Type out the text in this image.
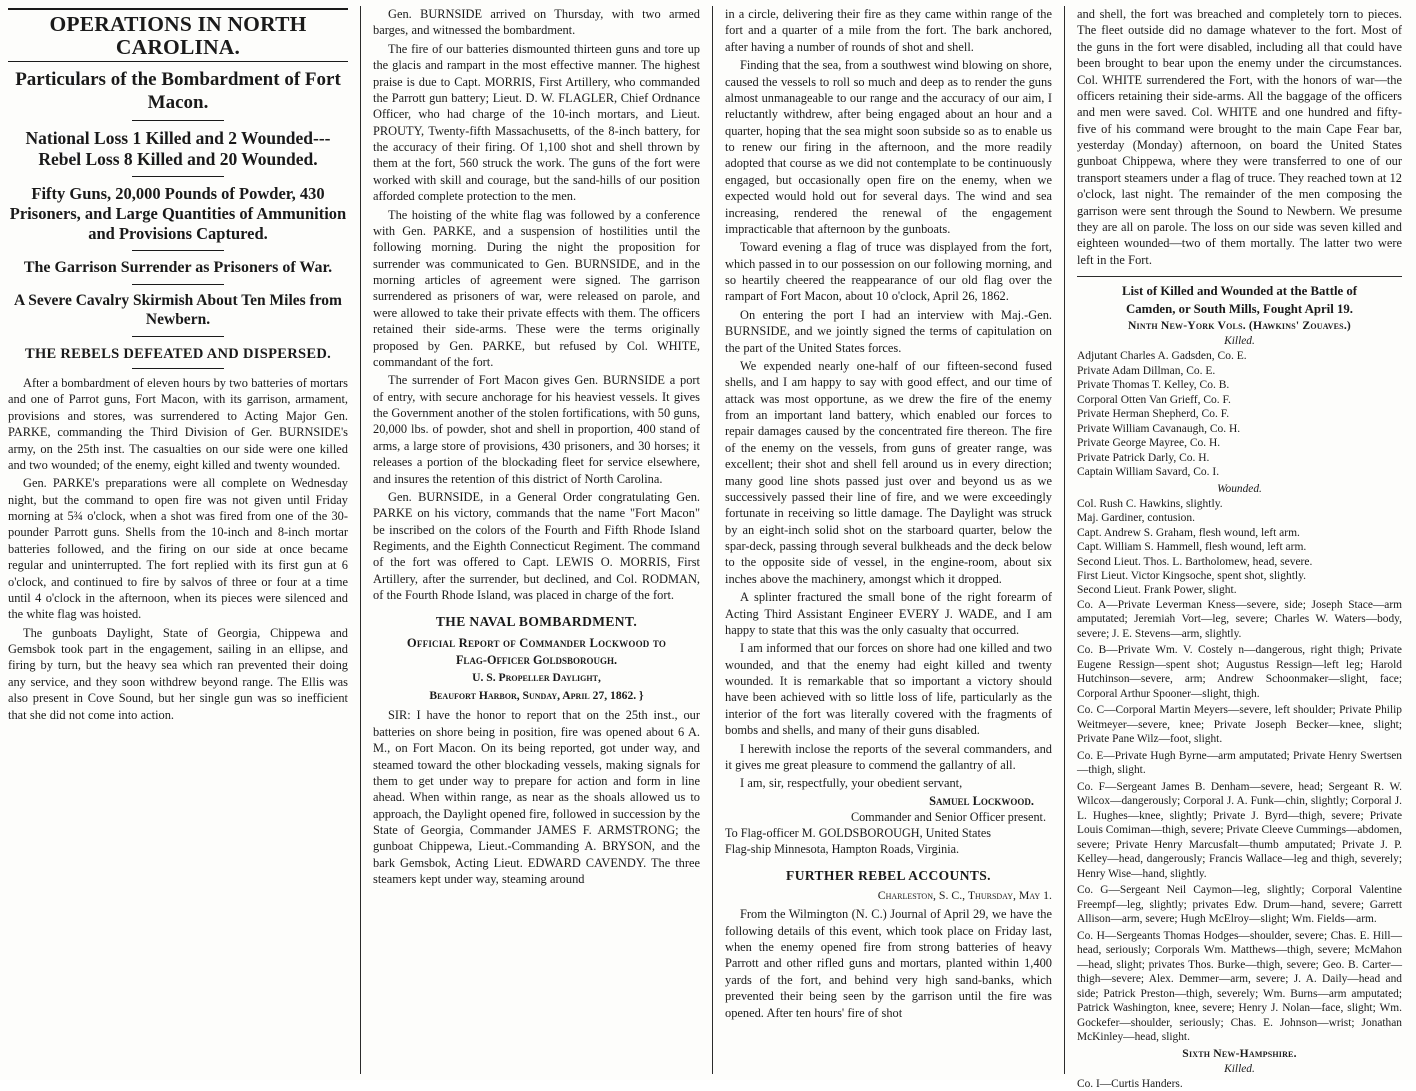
OPERATIONS IN NORTH CAROLINA.
Particulars of the Bombardment of Fort Macon.
National Loss 1 Killed and 2 Wounded---Rebel Loss 8 Killed and 20 Wounded.
Fifty Guns, 20,000 Pounds of Powder, 430 Prisoners, and Large Quantities of Ammunition and Provisions Captured.
The Garrison Surrender as Prisoners of War.
A Severe Cavalry Skirmish About Ten Miles from Newbern.
THE REBELS DEFEATED AND DISPERSED.

After a bombardment of eleven hours by two batteries of mortars and one of Parrot guns, Fort Macon, with its garrison, armament, provisions and stores, was surrendered to Acting Major Gen. PARKE, commanding the Third Division of Ger. BURNSIDE's army, on the 25th inst. The casualties on our side were one killed and two wounded; of the enemy, eight killed and twenty wounded.

Gen. PARKE's preparations were all complete on Wednesday night, but the command to open fire was not given until Friday morning at 5¾ o'clock, when a shot was fired from one of the 30-pounder Parrott guns. Shells from the 10-inch and 8-inch mortar batteries followed, and the firing on our side at once became regular and uninterrupted. The fort replied with its first gun at 6 o'clock, and continued to fire by salvos of three or four at a time until 4 o'clock in the afternoon, when its pieces were silenced and the white flag was hoisted.

The gunboats Daylight, State of Georgia, Chippewa and Gemsbok took part in the engagement, sailing in an ellipse, and firing by turn, but the heavy sea which ran prevented their doing any service, and they soon withdrew beyond range. The Ellis was also present in Cove Sound, but her single gun was so inefficient that she did not come into action.

Gen. BURNSIDE arrived on Thursday, with two armed barges, and witnessed the bombardment.

The fire of our batteries dismounted thirteen guns and tore up the glacis and rampart in the most effective manner. The highest praise is due to Capt. MORRIS, First Artillery, who commanded the Parrott gun battery; Lieut. D. W. FLAGLER, Chief Ordnance Officer, who had charge of the 10-inch mortars, and Lieut. PROUTY, Twenty-fifth Massachusetts, of the 8-inch battery, for the accuracy of their firing. Of 1,100 shot and shell thrown by them at the fort, 560 struck the work. The guns of the fort were worked with skill and courage, but the sand-hills of our position afforded complete protection to the men.

The hoisting of the white flag was followed by a conference with Gen. PARKE, and a suspension of hostilities until the following morning. During the night the proposition for surrender was communicated to Gen. BURNSIDE, and in the morning articles of agreement were signed. The garrison surrendered as prisoners of war, were released on parole, and were allowed to take their private effects with them. The officers retained their side-arms. These were the terms originally proposed by Gen. PARKE, but refused by Col. WHITE, commandant of the fort.

The surrender of Fort Macon gives Gen. BURNSIDE a port of entry, with secure anchorage for his heaviest vessels. It gives the Government another of the stolen fortifications, with 50 guns, 20,000 lbs. of powder, shot and shell in proportion, 400 stand of arms, a large store of provisions, 430 prisoners, and 30 horses; it releases a portion of the blockading fleet for service elsewhere, and insures the retention of this district of North Carolina.

Gen. BURNSIDE, in a General Order congratulating Gen. PARKE on his victory, commands that the name "Fort Macon" be inscribed on the colors of the Fourth and Fifth Rhode Island Regiments, and the Eighth Connecticut Regiment. The command of the fort was offered to Capt. LEWIS O. MORRIS, First Artillery, after the surrender, but declined, and Col. RODMAN, of the Fourth Rhode Island, was placed in charge of the fort.

THE NAVAL BOMBARDMENT.
Official Report of Commander Lockwood to
Flag-Officer Goldsborough.
U. S. Propeller Daylight,
Beaufort Harbor, Sunday, April 27, 1862. }

SIR: I have the honor to report that on the 25th inst., our batteries on shore being in position, fire was opened about 6 A. M., on Fort Macon. On its being reported, got under way, and steamed toward the other blockading vessels, making signals for them to get under way to prepare for action and form in line ahead. When within range, as near as the shoals allowed us to approach, the Daylight opened fire, followed in succession by the State of Georgia, Commander JAMES F. ARMSTRONG; the gunboat Chippewa, Lieut.-Commanding A. BRYSON, and the bark Gemsbok, Acting Lieut. EDWARD CAVENDY. The three steamers kept under way, steaming around

in a circle, delivering their fire as they came within range of the fort and a quarter of a mile from the fort. The bark anchored, after having a number of rounds of shot and shell.

Finding that the sea, from a southwest wind blowing on shore, caused the vessels to roll so much and deep as to render the guns almost unmanageable to our range and the accuracy of our aim, I reluctantly withdrew, after being engaged about an hour and a quarter, hoping that the sea might soon subside so as to enable us to renew our firing in the afternoon, and the more readily adopted that course as we did not contemplate to be continuously engaged, but occasionally open fire on the enemy, when we expected would hold out for several days. The wind and sea increasing, rendered the renewal of the engagement impracticable that afternoon by the gunboats.

Toward evening a flag of truce was displayed from the fort, which passed in to our possession on our following morning, and so heartily cheered the reappearance of our old flag over the rampart of Fort Macon, about 10 o'clock, April 26, 1862.

On entering the port I had an interview with Maj.-Gen. BURNSIDE, and we jointly signed the terms of capitulation on the part of the United States forces.

We expended nearly one-half of our fifteen-second fused shells, and I am happy to say with good effect, and our time of attack was most opportune, as we drew the fire of the enemy from an important land battery, which enabled our forces to repair damages caused by the concentrated fire thereon. The fire of the enemy on the vessels, from guns of greater range, was excellent; their shot and shell fell around us in every direction; many good line shots passed just over and beyond us as we successively passed their line of fire, and we were exceedingly fortunate in receiving so little damage. The Daylight was struck by an eight-inch solid shot on the starboard quarter, below the spar-deck, passing through several bulkheads and the deck below to the opposite side of vessel, in the engine-room, about six inches above the machinery, amongst which it dropped.

A splinter fractured the small bone of the right forearm of Acting Third Assistant Engineer EVERY J. WADE, and I am happy to state that this was the only casualty that occurred.

I am informed that our forces on shore had one killed and two wounded, and that the enemy had eight killed and twenty wounded. It is remarkable that so important a victory should have been achieved with so little loss of life, particularly as the interior of the fort was literally covered with the fragments of bombs and shells, and many of their guns disabled.

I herewith inclose the reports of the several commanders, and it gives me great pleasure to commend the gallantry of all.

I am, sir, respectfully, your obedient servant,

Samuel Lockwood.
Commander and Senior Officer present.
To Flag-officer M. GOLDSBOROUGH, United States
Flag-ship Minnesota, Hampton Roads, Virginia.
FURTHER REBEL ACCOUNTS.
Charleston, S. C., Thursday, May 1.

From the Wilmington (N. C.) Journal of April 29, we have the following details of this event, which took place on Friday last, when the enemy opened fire from strong batteries of heavy Parrott and other rifled guns and mortars, planted within 1,400 yards of the fort, and behind very high sand-banks, which prevented their being seen by the garrison until the fire was opened. After ten hours' fire of shot

and shell, the fort was breached and completely torn to pieces. The fleet outside did no damage whatever to the fort. Most of the guns in the fort were disabled, including all that could have been brought to bear upon the enemy under the circumstances. Col. WHITE surrendered the Fort, with the honors of war—the officers retaining their side-arms. All the baggage of the officers and men were saved. Col. WHITE and one hundred and fifty-five of his command were brought to the main Cape Fear bar, yesterday (Monday) afternoon, on board the United States gunboat Chippewa, where they were transferred to one of our transport steamers under a flag of truce. They reached town at 12 o'clock, last night. The remainder of the men composing the garrison were sent through the Sound to Newbern. We presume they are all on parole. The loss on our side was seven killed and eighteen wounded—two of them mortally. The latter two were left in the Fort.

List of Killed and Wounded at the Battle of
Camden, or South Mills, Fought April 19.
Ninth New-York Vols. (Hawkins' Zouaves.)
Killed.
Adjutant Charles A. Gadsden, Co. E.
Private Adam Dillman, Co. E.
Private Thomas T. Kelley, Co. B.
Corporal Otten Van Grieff, Co. F.
Private Herman Shepherd, Co. F.
Private William Cavanaugh, Co. H.
Private George Mayree, Co. H.
Private Patrick Darly, Co. H.
Captain William Savard, Co. I.
Wounded.
Col. Rush C. Hawkins, slightly.
Maj. Gardiner, contusion.
Capt. Andrew S. Graham, flesh wound, left arm.
Capt. William S. Hammell, flesh wound, left arm.
Second Lieut. Thos. L. Bartholomew, head, severe.
First Lieut. Victor Kingsoche, spent shot, slightly.
Second Lieut. Frank Power, slight.

Co. A—Private Leverman Kness—severe, side; Joseph Stace—arm amputated; Jeremiah Vort—leg, severe; Charles W. Waters—body, severe; J. E. Stevens—arm, slightly.

Co. B—Private Wm. V. Costely n—dangerous, right thigh; Private Eugene Ressign—spent shot; Augustus Ressign—left leg; Harold Hutchinson—severe, arm; Andrew Schoonmaker—slight, face; Corporal Arthur Spooner—slight, thigh.

Co. C—Corporal Martin Meyers—severe, left shoulder; Private Philip Weitmeyer—severe, knee; Private Joseph Becker—knee, slight; Private Pane Wilz—foot, slight.

Co. E—Private Hugh Byrne—arm amputated; Private Henry Swertsen—thigh, slight.

Co. F—Sergeant James B. Denham—severe, head; Sergeant R. W. Wilcox—dangerously; Corporal J. A. Funk—chin, slightly; Corporal J. L. Hughes—knee, slightly; Private J. Byrd—thigh, severe; Private Louis Comiman—thigh, severe; Private Cleeve Cummings—abdomen, severe; Private Henry Marcusfalt—thumb amputated; Private J. P. Kelley—head, dangerously; Francis Wallace—leg and thigh, severely; Henry Wise—hand, slightly.

Co. G—Sergeant Neil Caymon—leg, slightly; Corporal Valentine Freempf—leg, slightly; privates Edw. Drum—hand, severe; Garrett Allison—arm, severe; Hugh McElroy—slight; Wm. Fields—arm.

Co. H—Sergeants Thomas Hodges—shoulder, severe; Chas. E. Hill—head, seriously; Corporals Wm. Matthews—thigh, severe; McMahon—head, slight; privates Thos. Burke—thigh, severe; Geo. B. Carter—thigh—severe; Alex. Demmer—arm, severe; J. A. Daily—head and side; Patrick Preston—thigh, severely; Wm. Burns—arm amputated; Patrick Washington, knee, severe; Henry J. Nolan—face, slight; Wm. Gockefer—shoulder, seriously; Chas. E. Johnson—wrist; Jonathan McKinley—head, slight.

Sixth New-Hampshire.
Killed.

Co. I—Curtis Handers.
